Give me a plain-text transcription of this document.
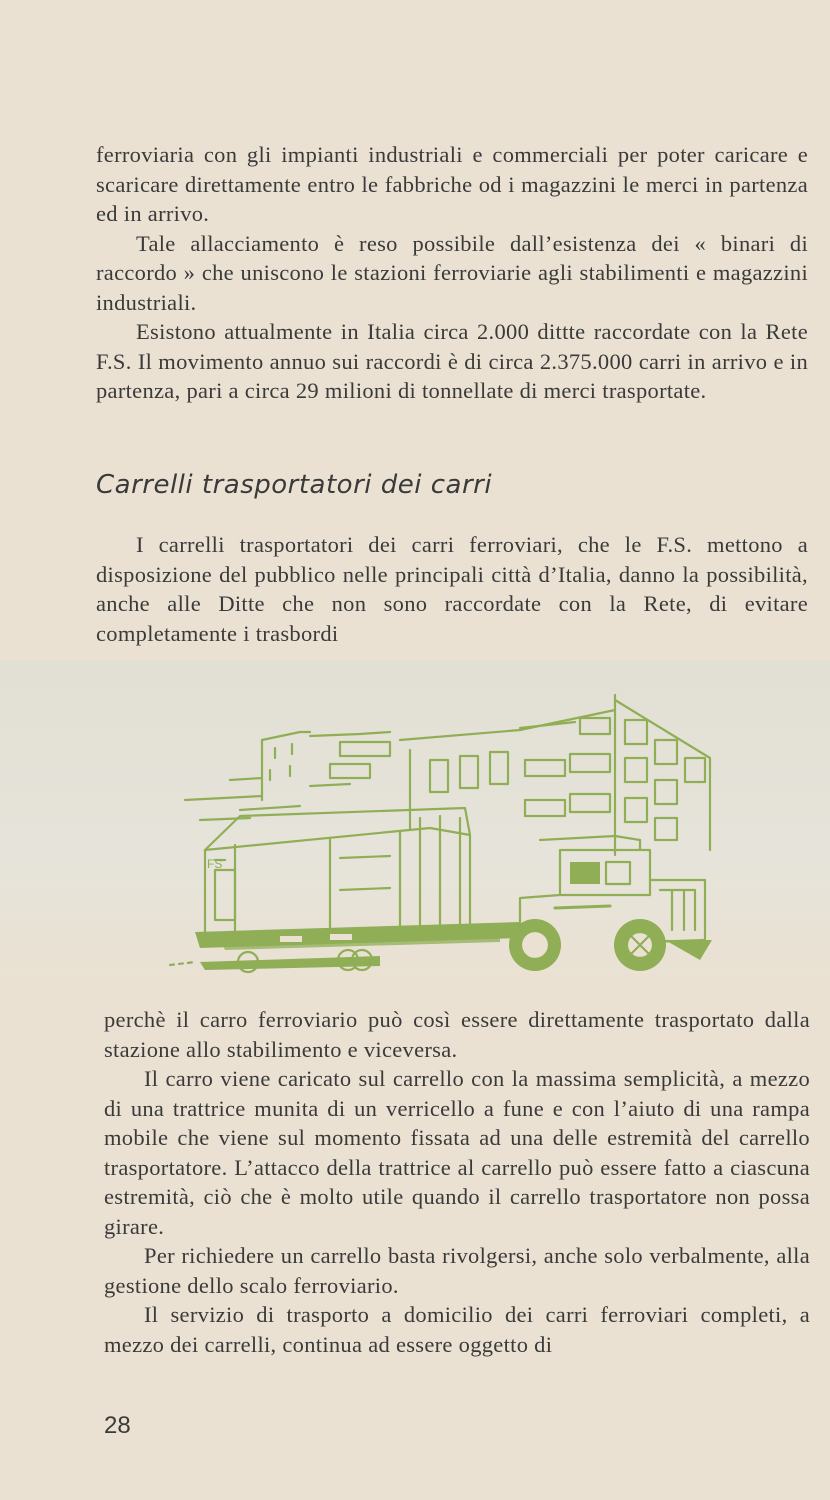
ferroviaria con gli impianti industriali e commerciali per poter caricare e scaricare direttamente entro le fabbriche od i magazzini le merci in partenza ed in arrivo.

Tale allacciamento è reso possibile dall’esistenza dei « binari di raccordo » che uniscono le stazioni ferroviarie agli stabilimenti e magazzini industriali.

Esistono attualmente in Italia circa 2.000 dittte raccordate con la Rete F.S. Il movimento annuo sui raccordi è di circa 2.375.000 carri in arrivo e in partenza, pari a circa 29 milioni di tonnellate di merci trasportate.

Carrelli trasportatori dei carri

I carrelli trasportatori dei carri ferroviari, che le F.S. mettono a disposizione del pubblico nelle principali città d’Italia, danno la possibilità, anche alle Ditte che non sono raccordate con la Rete, di evitare completamente i trasbordi

FS

perchè il carro ferroviario può così essere direttamente trasportato dalla stazione allo stabilimento e viceversa.

Il carro viene caricato sul carrello con la massima semplicità, a mezzo di una trattrice munita di un verricello a fune e con l’aiuto di una rampa mobile che viene sul momento fissata ad una delle estremità del carrello trasportatore. L’attacco della trattrice al carrello può essere fatto a ciascuna estremità, ciò che è molto utile quando il carrello trasportatore non possa girare.

Per richiedere un carrello basta rivolgersi, anche solo verbalmente, alla gestione dello scalo ferroviario.

Il servizio di trasporto a domicilio dei carri ferroviari completi, a mezzo dei carrelli, continua ad essere oggetto di

28
